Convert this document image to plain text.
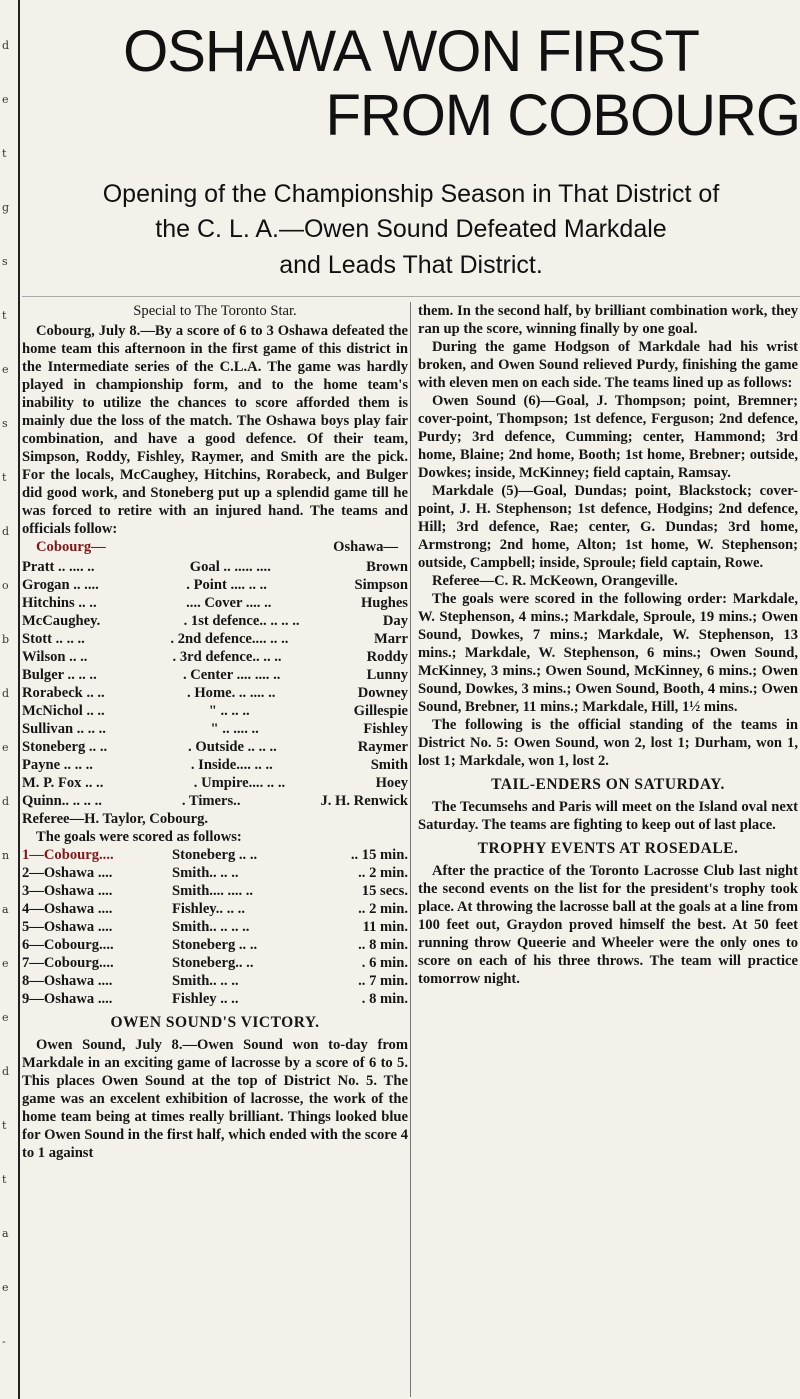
d
e
t
g
s
t
e
s
t
d
o
b
d
e
d
n
a
e
e
d
t
t
a
e
-
OSHAWA WON FIRST
FROM COBOURG
Opening of the Championship Season in That District of
the C. L. A.—Owen Sound Defeated Markdale
and Leads That District.
Special to The Toronto Star.

Cobourg, July 8.—By a score of 6 to 3 Oshawa defeated the home team this afternoon in the first game of this district in the Intermediate series of the C.L.A. The game was hardly played in championship form, and to the home team's inability to utilize the chances to score afforded them is mainly due the loss of the match. The Oshawa boys play fair combination, and have a good defence. Of their team, Simpson, Roddy, Fishley, Raymer, and Smith are the pick. For the locals, McCaughey, Hitchins, Rorabeck, and Bulger did good work, and Stoneberg put up a splendid game till he was forced to retire with an injured hand. The teams and officials follow:

Cobourg—	Oshawa—
Pratt .. .... ..	Goal .. ..... ....	Brown
Grogan .. ....	. Point .... .. ..	Simpson
Hitchins .. ..	.... Cover .... ..	Hughes
McCaughey.	. 1st defence.. .. .. ..	Day
Stott .. .. ..	. 2nd defence.... .. ..	Marr
Wilson .. ..	. 3rd defence.. .. ..	Roddy
Bulger .. .. ..	. Center .... .... ..	Lunny
Rorabeck .. ..	. Home. .. .... ..	Downey
McNichol .. ..	" .. .. ..	Gillespie
Sullivan .. .. ..	" .. .... ..	Fishley
Stoneberg .. ..	. Outside .. .. ..	Raymer
Payne .. .. ..	. Inside.... .. ..	Smith
M. P. Fox .. ..	. Umpire.... .. ..	Hoey
Quinn.. .. .. ..	. Timers..	J. H. Renwick

Referee—H. Taylor, Cobourg.

The goals were scored as follows:

1—Cobourg....	Stoneberg .. ..	.. 15 min.
2—Oshawa ....	Smith.. .. ..	.. 2 min.
3—Oshawa ....	Smith.... .... ..	15 secs.
4—Oshawa ....	Fishley.. .. ..	.. 2 min.
5—Oshawa ....	Smith.. .. .. ..	11 min.
6—Cobourg....	Stoneberg .. ..	.. 8 min.
7—Cobourg....	Stoneberg.. ..	. 6 min.
8—Oshawa ....	Smith.. .. ..	.. 7 min.
9—Oshawa ....	Fishley .. ..	. 8 min.
OWEN SOUND'S VICTORY.

Owen Sound, July 8.—Owen Sound won to-day from Markdale in an exciting game of lacrosse by a score of 6 to 5. This places Owen Sound at the top of District No. 5. The game was an excelent exhibition of lacrosse, the work of the home team being at times really brilliant. Things looked blue for Owen Sound in the first half, which ended with the score 4 to 1 against

them. In the second half, by brilliant combination work, they ran up the score, winning finally by one goal.

During the game Hodgson of Markdale had his wrist broken, and Owen Sound relieved Purdy, finishing the game with eleven men on each side. The teams lined up as follows:

Owen Sound (6)—Goal, J. Thompson; point, Bremner; cover-point, Thompson; 1st defence, Ferguson; 2nd defence, Purdy; 3rd defence, Cumming; center, Hammond; 3rd home, Blaine; 2nd home, Booth; 1st home, Brebner; outside, Dowkes; inside, McKinney; field captain, Ramsay.

Markdale (5)—Goal, Dundas; point, Blackstock; cover-point, J. H. Stephenson; 1st defence, Hodgins; 2nd defence, Hill; 3rd defence, Rae; center, G. Dundas; 3rd home, Armstrong; 2nd home, Alton; 1st home, W. Stephenson; outside, Campbell; inside, Sproule; field captain, Rowe.

Referee—C. R. McKeown, Orangeville.

The goals were scored in the following order: Markdale, W. Stephenson, 4 mins.; Markdale, Sproule, 19 mins.; Owen Sound, Dowkes, 7 mins.; Markdale, W. Stephenson, 13 mins.; Markdale, W. Stephenson, 6 mins.; Owen Sound, McKinney, 3 mins.; Owen Sound, McKinney, 6 mins.; Owen Sound, Dowkes, 3 mins.; Owen Sound, Booth, 4 mins.; Owen Sound, Brebner, 11 mins.; Markdale, Hill, 1½ mins.

The following is the official standing of the teams in District No. 5: Owen Sound, won 2, lost 1; Durham, won 1, lost 1; Markdale, won 1, lost 2.

TAIL-ENDERS ON SATURDAY.

The Tecumsehs and Paris will meet on the Island oval next Saturday. The teams are fighting to keep out of last place.

TROPHY EVENTS AT ROSEDALE.

After the practice of the Toronto Lacrosse Club last night the second events on the list for the president's trophy took place. At throwing the lacrosse ball at the goals at a line from 100 feet out, Graydon proved himself the best. At 50 feet running throw Queerie and Wheeler were the only ones to score on each of his three throws. The team will practice tomorrow night.
